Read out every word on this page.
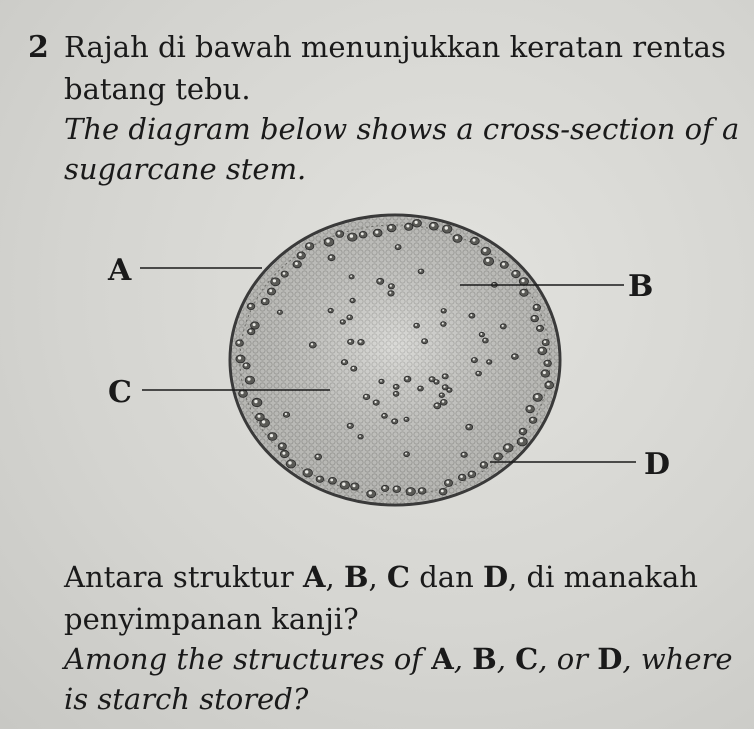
2 Rajah di bawah menunjukkan keratan rentas
batang tebu.
The diagram below shows a cross-section of a
sugarcane stem.
A	B
C
D
Antara struktur A, B, C dan D, di manakah
penyimpanan kanji?
Among the structures of A, B, C, or D, where
is starch stored?
